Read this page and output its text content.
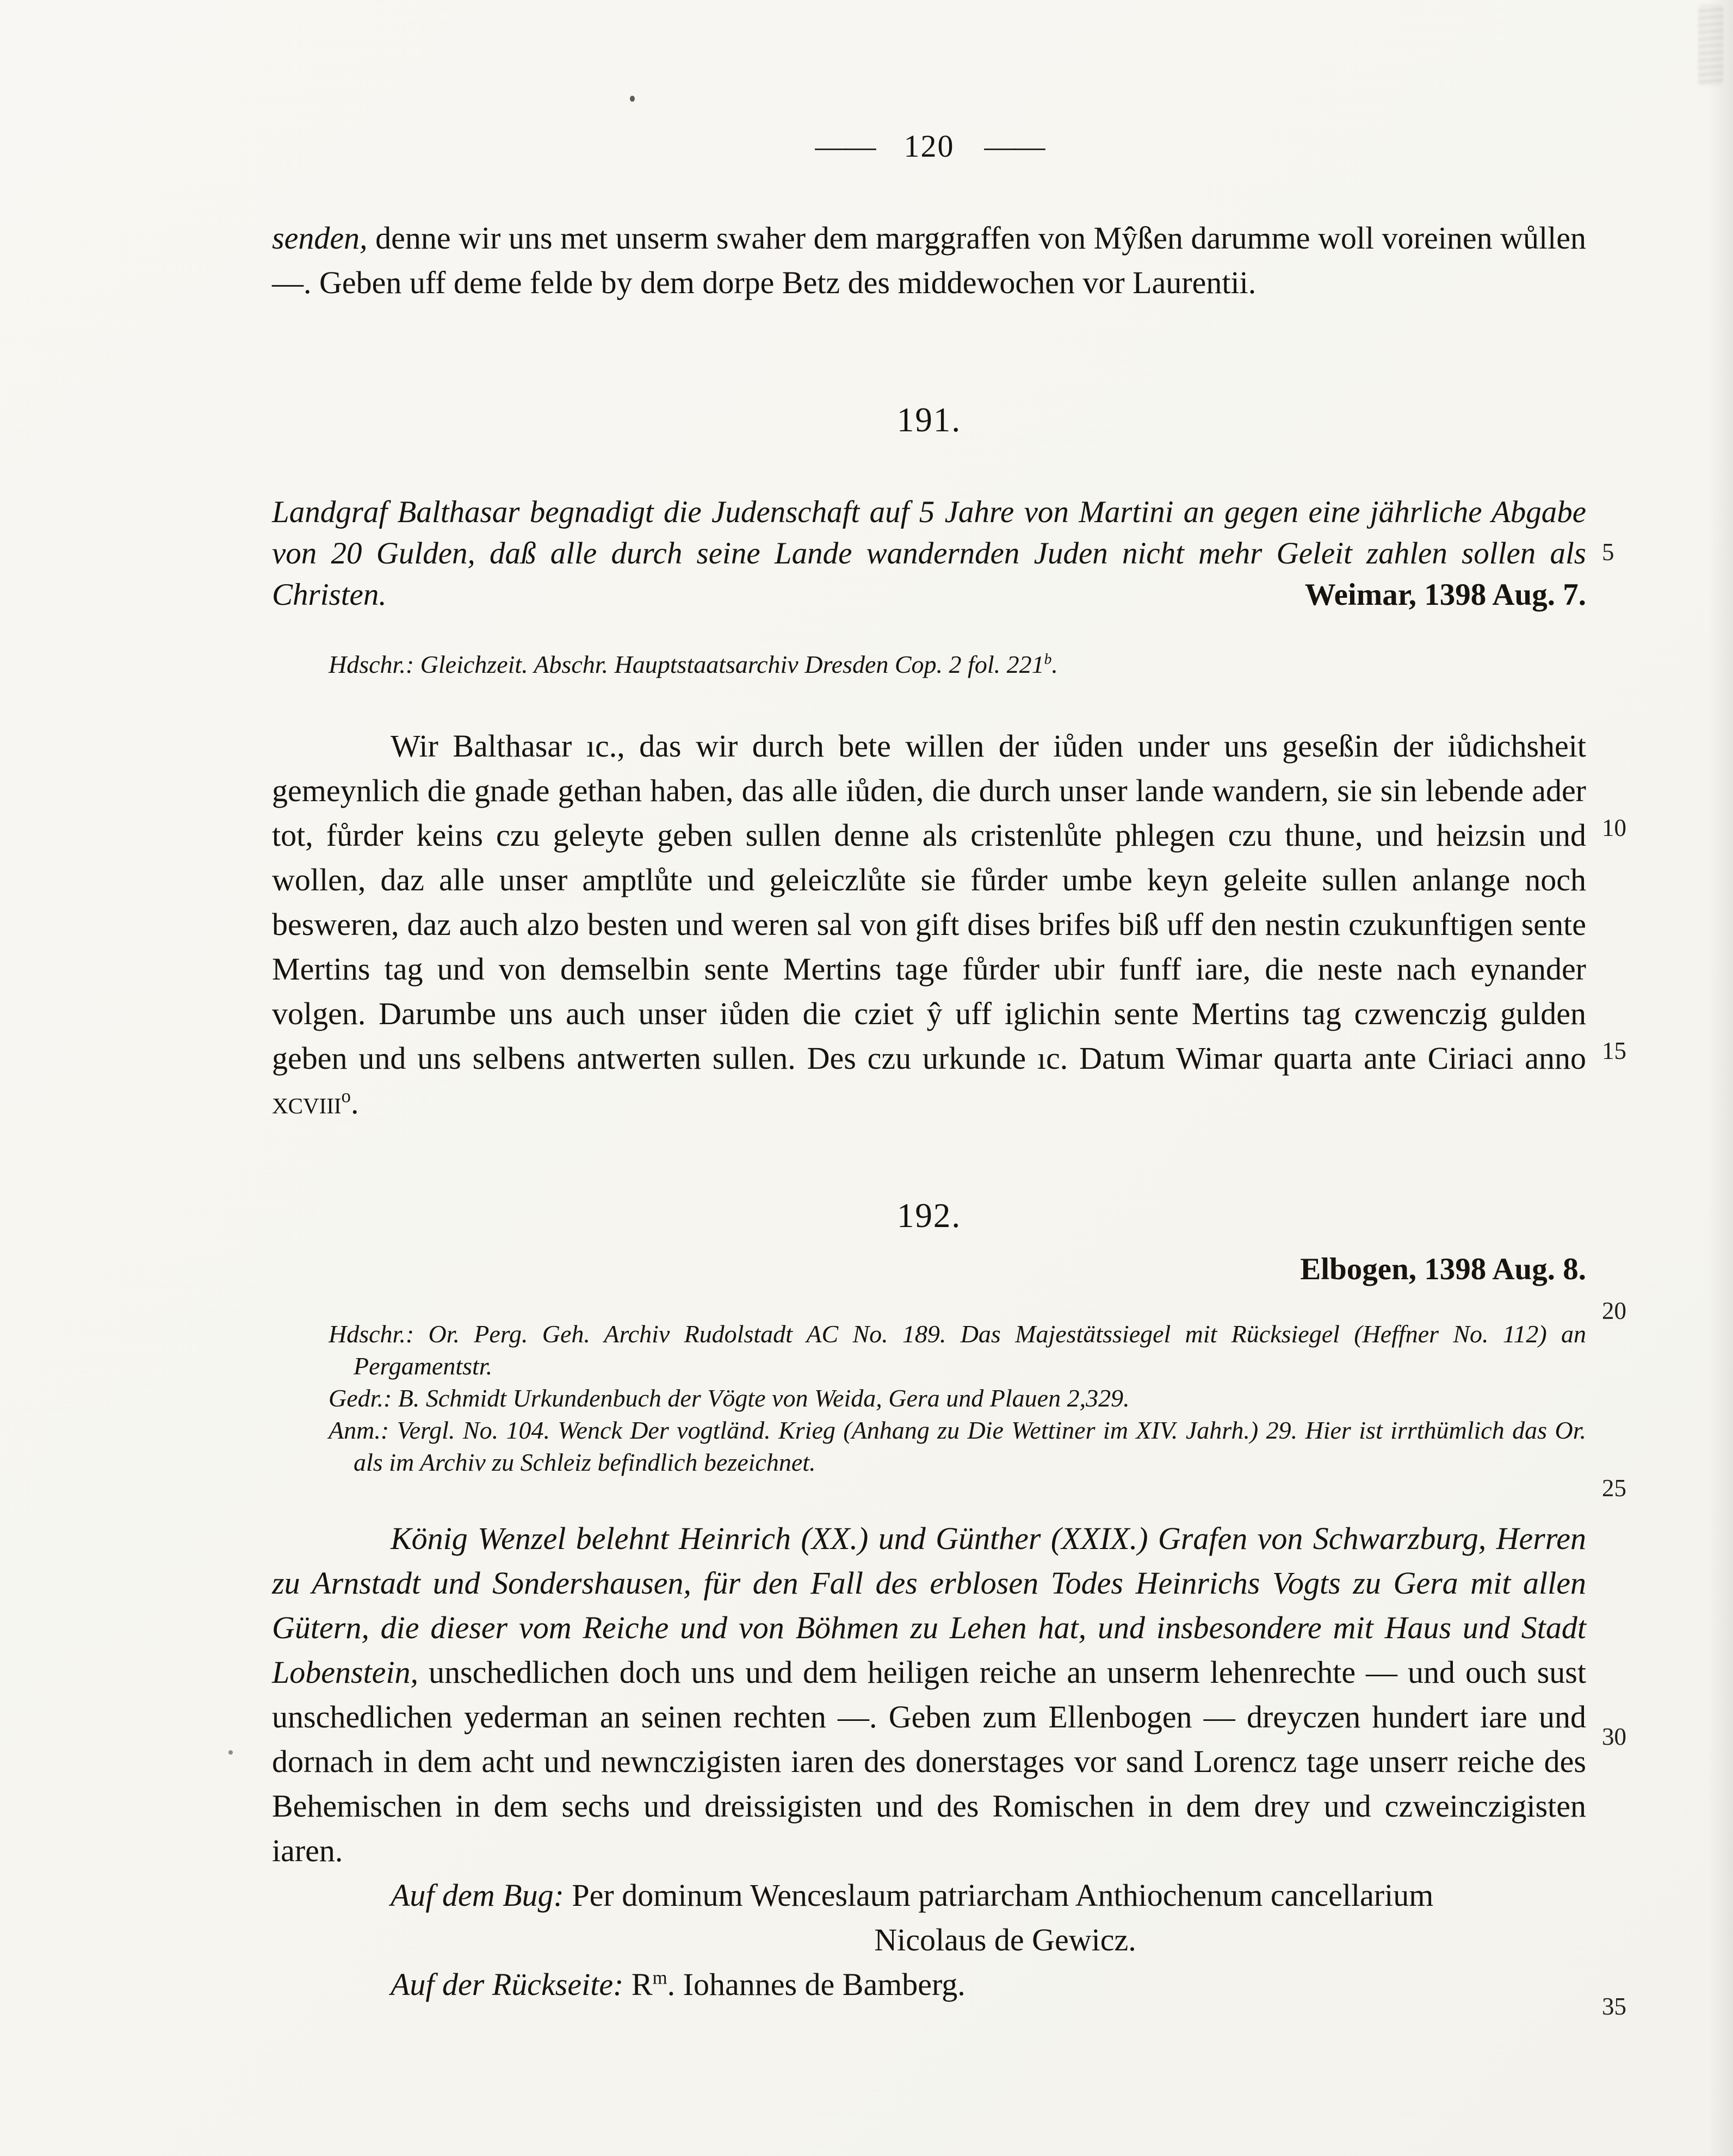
—— 120 ——

senden, denne wir uns met unserm swaher dem marggraffen von Mŷßen darumme woll voreinen wůllen —. Geben uff deme felde by dem dorpe Betz des middewochen vor Laurentii.

191.

Landgraf Balthasar begnadigt die Judenschaft auf 5 Jahre von Martini an gegen eine jährliche Abgabe von 20 Gulden, daß alle durch seine Lande wandernden Juden nicht mehr Geleit zahlen sollen als Christen.	Weimar, 1398 Aug. 7.

Hdschr.: Gleichzeit. Abschr. Hauptstaatsarchiv Dresden Cop. 2 fol. 221$^b$.

Wir Balthasar ıc., das wir durch bete willen der iůden under uns geseßin der iůdichsheit gemeynlich die gnade gethan haben, das alle iůden, die durch unser lande wandern, sie sin lebende ader tot, fůrder keins czu geleyte geben sullen denne als cristenlůte phlegen czu thune, und heizsin und wollen, daz alle unser amptlůte und geleiczlůte sie fůrder umbe keyn geleite sullen anlange noch besweren, daz auch alzo besten und weren sal von gift dises brifes biß uff den nestin czukunftigen sente Mertins tag und von demselbin sente Mertins tage fůrder ubir funff iare, die neste nach eynander volgen. Darumbe uns auch unser iůden die cziet ŷ uff iglichin sente Mertins tag czwenczig gulden geben und uns selbens antwerten sullen. Des czu urkunde ıc. Datum Wimar quarta ante Ciriaci anno xcviii$^o$.

192.

Elbogen, 1398 Aug. 8.

Hdschr.: Or. Perg. Geh. Archiv Rudolstadt AC No. 189. Das Majestätssiegel mit Rücksiegel (Heffner No. 112) an Pergamentstr.

Gedr.: B. Schmidt Urkundenbuch der Vögte von Weida, Gera und Plauen 2,329.

Anm.: Vergl. No. 104. Wenck Der vogtländ. Krieg (Anhang zu Die Wettiner im XIV. Jahrh.) 29. Hier ist irrthümlich das Or. als im Archiv zu Schleiz befindlich bezeichnet.

König Wenzel belehnt Heinrich (XX.) und Günther (XXIX.) Grafen von Schwarzburg, Herren zu Arnstadt und Sondershausen, für den Fall des erblosen Todes Heinrichs Vogts zu Gera mit allen Gütern, die dieser vom Reiche und von Böhmen zu Lehen hat, und insbesondere mit Haus und Stadt Lobenstein, unschedlichen doch uns und dem heiligen reiche an unserm lehenrechte — und ouch sust unschedlichen yederman an seinen rechten —. Geben zum Ellenbogen — dreyczen hundert iare und dornach in dem acht und newnczigisten iaren des donerstages vor sand Lorencz tage unserr reiche des Behemischen in dem sechs und dreissigisten und des Romischen in dem drey und czweinczigisten iaren.

Auf dem Bug: Per dominum Wenceslaum patriarcham Anthiochenum cancellarium

Nicolaus de Gewicz.

Auf der Rückseite: $R^m$. Iohannes de Bamberg.

5
10
15
20
25
30
35
